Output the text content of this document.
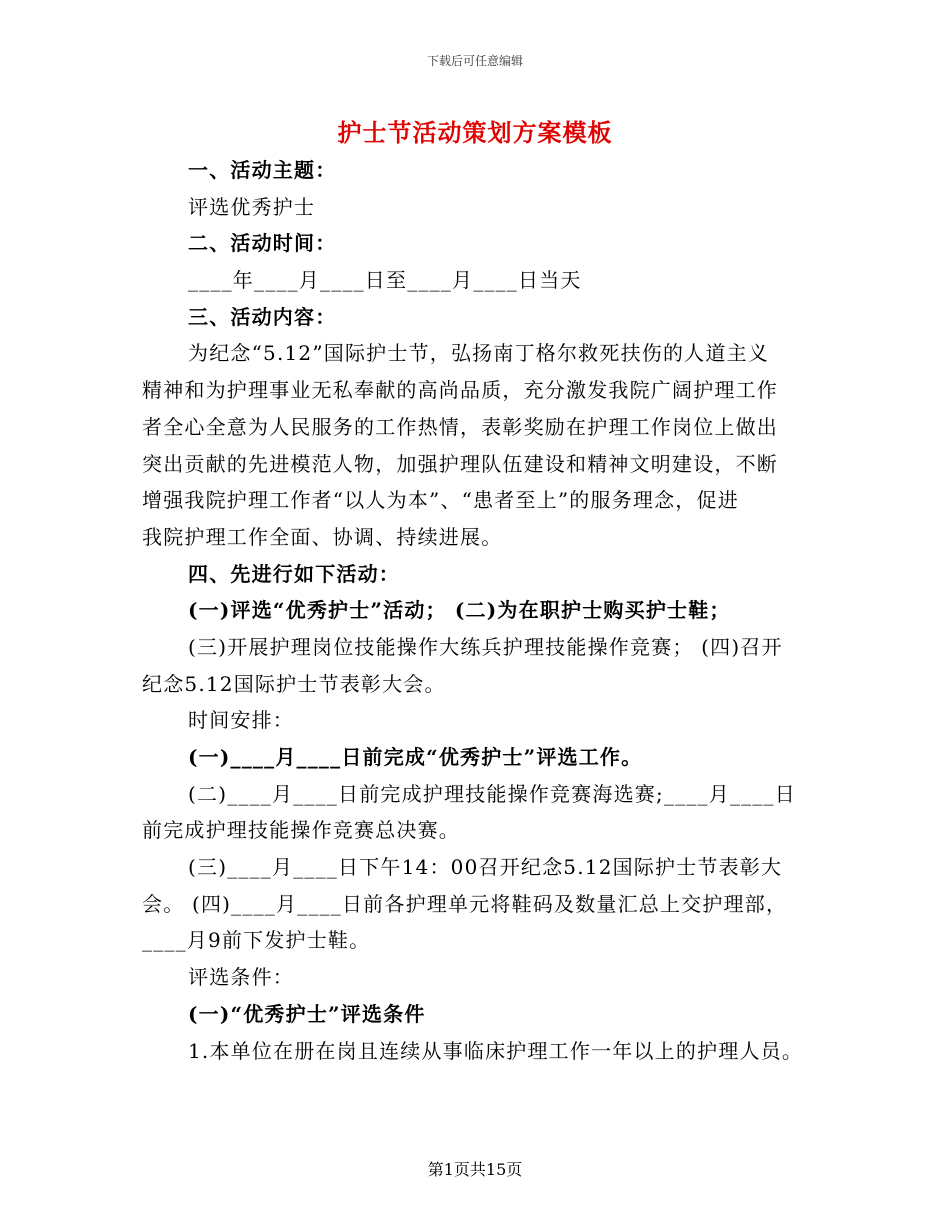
下载后可任意编辑
护士节活动策划方案模板
一、活动主题：
评选优秀护士
二、活动时间：
____年____月____日至____月____日当天
三、活动内容：
为纪念“5.12”国际护士节，弘扬南丁格尔救死扶伤的人道主义
精神和为护理事业无私奉献的高尚品质，充分激发我院广阔护理工作
者全心全意为人民服务的工作热情，表彰奖励在护理工作岗位上做出
突出贡献的先进模范人物，加强护理队伍建设和精神文明建设，不断
增强我院护理工作者“以人为本”、“患者至上”的服务理念，促进
我院护理工作全面、协调、持续进展。
四、先进行如下活动：
(一)评选“优秀护士”活动； (二)为在职护士购买护士鞋；
(三)开展护理岗位技能操作大练兵护理技能操作竞赛； (四)召开
纪念5.12国际护士节表彰大会。
时间安排：
(一)____月____日前完成“优秀护士”评选工作。
(二)____月____日前完成护理技能操作竞赛海选赛;____月____日
前完成护理技能操作竞赛总决赛。
(三)____月____日下午14：00召开纪念5.12国际护士节表彰大
会。 (四)____月____日前各护理单元将鞋码及数量汇总上交护理部，
____月9前下发护士鞋。
评选条件：
(一)“优秀护士”评选条件
1.本单位在册在岗且连续从事临床护理工作一年以上的护理人员。
第1页共15页
